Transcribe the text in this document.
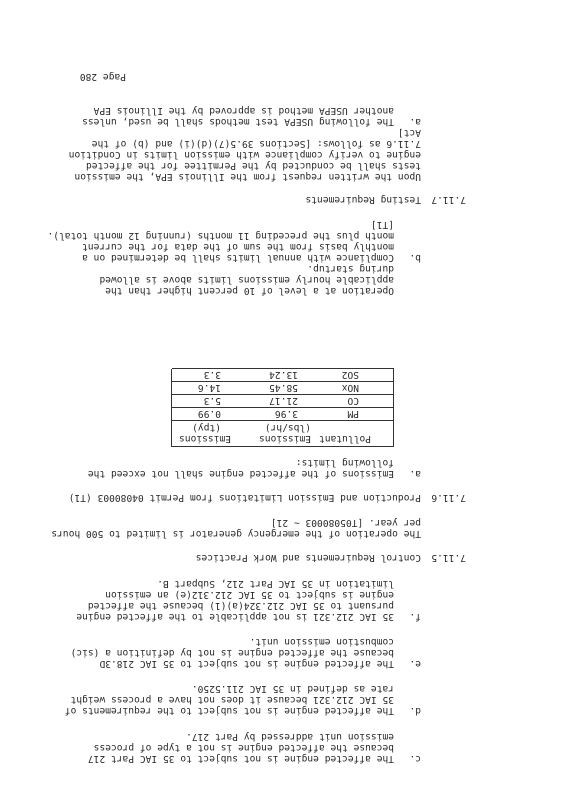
c.
The affected engine is not subject to 35 IAC Part 217
because the affected engine is not a type of process
emission unit addressed by Part 217.
d.
The affected engine is not subject to the requirements of
35 IAC 212.321 because it does not have a process weight
rate as defined in 35 IAC 211.5250.
e.
The affected engine is not subject to 35 IAC 218.3D
because the affected engine is not by definition a (sic)
combustion emission unit.
f.
35 IAC 212.321 is not applicable to the affected engine
pursuant to 35 IAC 212.324(a)(1) because the affected
engine is subject to 35 IAC 212.312(e) an emission
limitation in 35 IAC Part 212, Subpart B.
7.11.5
Control Requirements and Work Practices
The operation of the emergency generator is limited to 500 hours
per year. [T05080003 ~ 21]
7.11.6
Production and Emission Limitations from Permit 04080003 (T1)
a.
Emissions of the affected engine shall not exceed the
following limits:
Pollutant
Emissions
(lbs/hr)
Emissions
(tpy)
PM
3.96
0.99
CO
21.17
5.3
NOx
58.45
14.6
SO2
13.24
3.3
Operation at a level of 10 percent higher than the
applicable hourly emissions limits above is allowed
during startup.
b.
Compliance with annual limits shall be determined on a
monthly basis from the sum of the data for the current
month plus the preceding 11 months (running 12 month total).
[T1]
7.11.7
Testing Requirements
Upon the written request from the Illinois EPA, the emission
engine to verify compliance with emission limits in Condition
7.11.6 as follows: [Sections 39.5(7)(d)(i) and (b) of the
Act]
tests shall be conducted by the Permittee for the affected
a.
The following USEPA test methods shall be used, unless
another USEPA method is approved by the Illinois EPA
Page 280
